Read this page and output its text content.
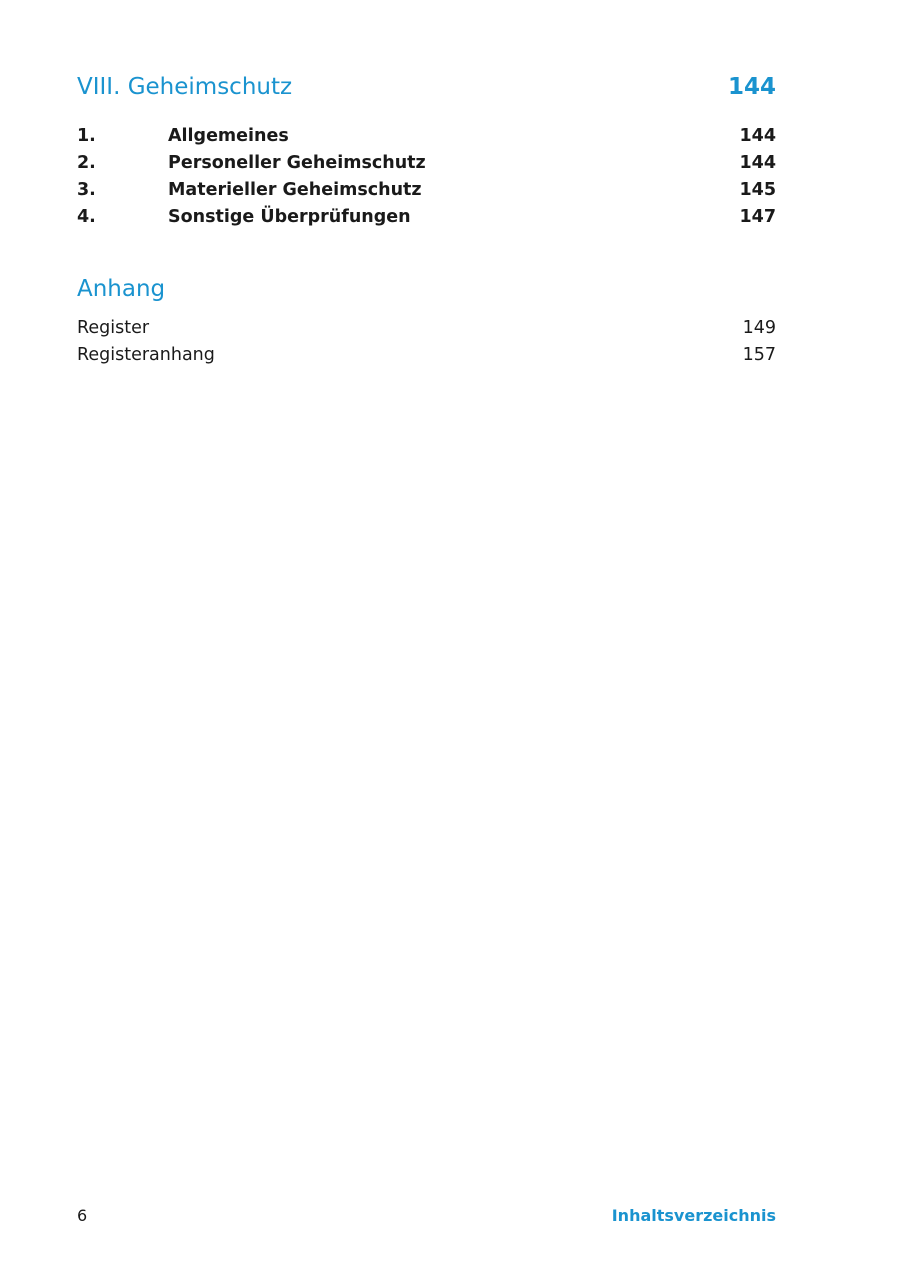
VIII. Geheimschutz	144
1.	Allgemeines	144
2.	Personeller Geheimschutz	144
3.	Materieller Geheimschutz	145
4.	Sonstige Überprüfungen	147
Anhang
Register	149
Registeranhang	157
6	Inhaltsverzeichnis
